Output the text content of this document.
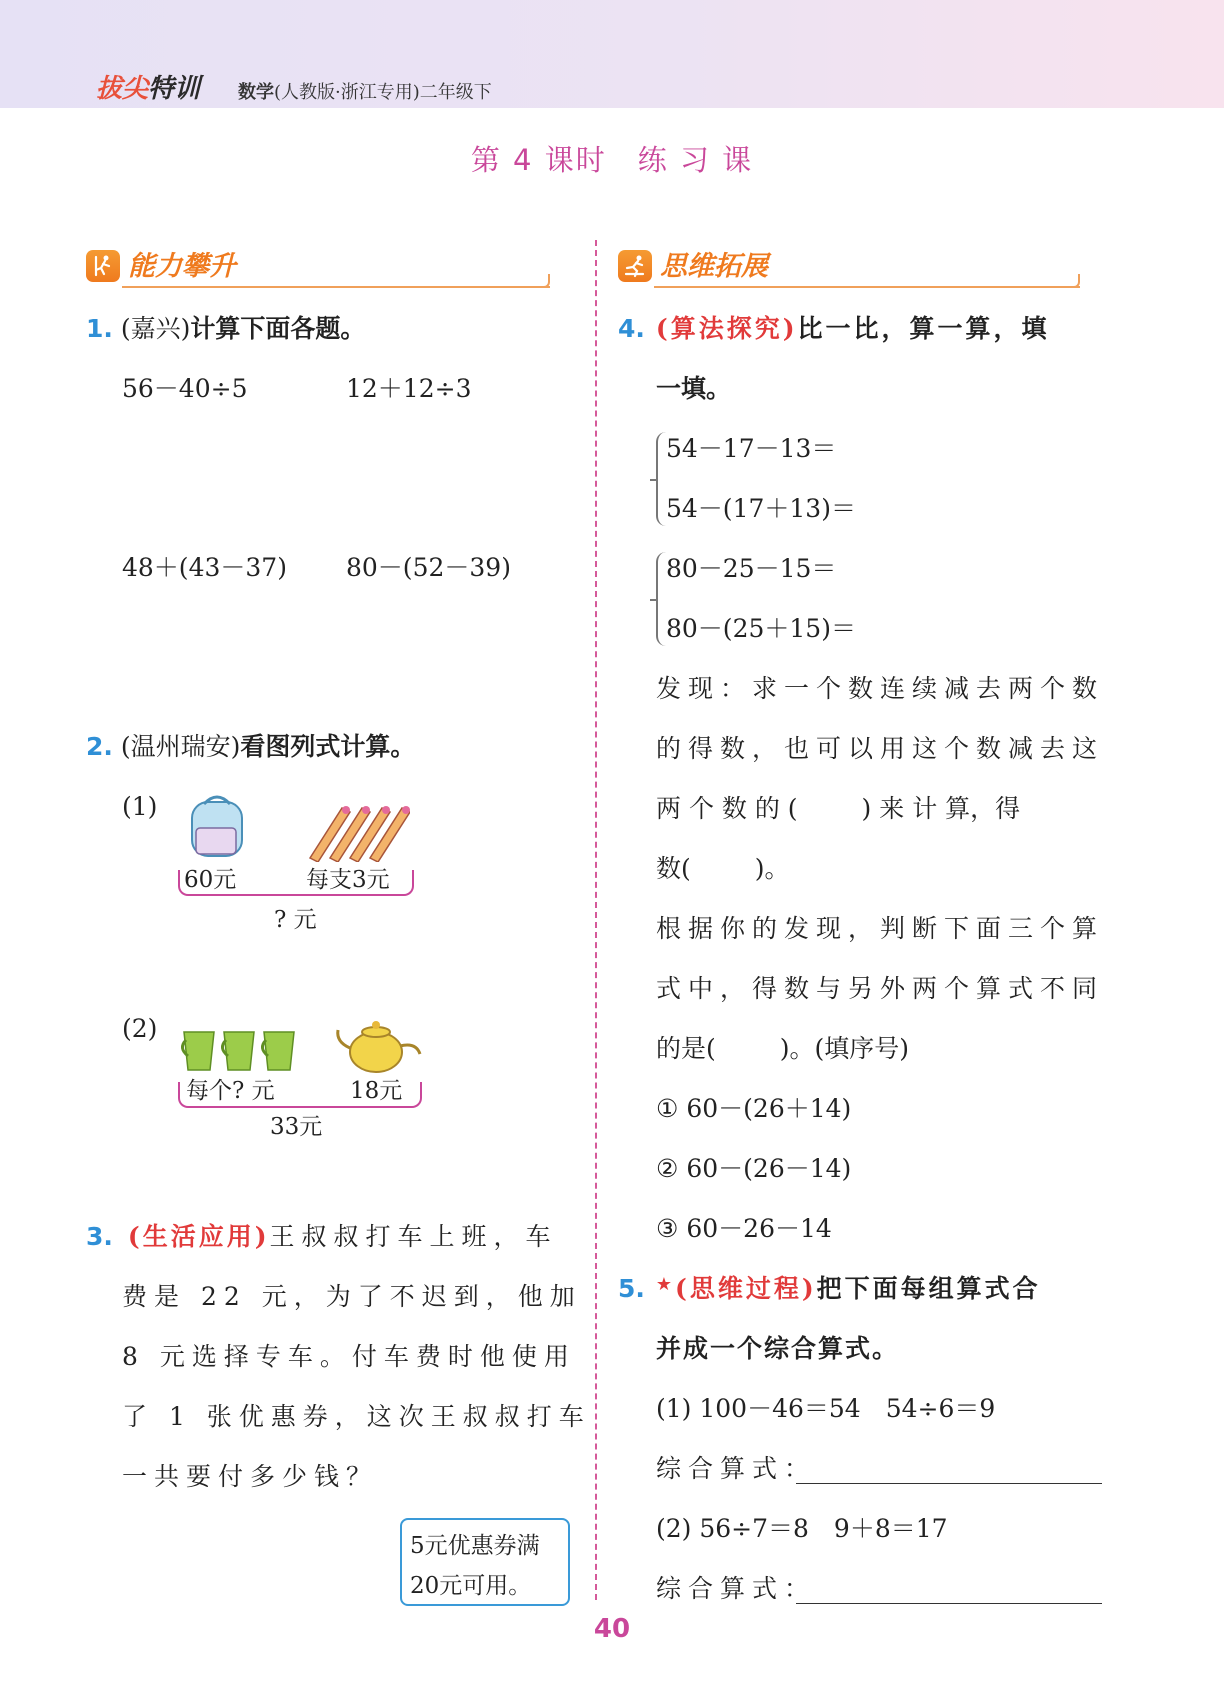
拔尖特训 数学(人教版·浙江专用)二年级下
第 4 课时　练 习 课
能力攀升	思维拓展
1. (嘉兴)计算下面各题。
56－40÷5	12＋12÷3
48＋(43－37) 80－(52－39)
2. (温州瑞安)看图列式计算。
(1)
60元	每支3元
? 元
(2)
每个? 元	18元
33元
3. (生活应用)王叔叔打车上班，车
费是 22 元，为了不迟到，他加
8 元选择专车。付车费时他使用
了 1 张优惠券，这次王叔叔打车
一共要付多少钱？
5元优惠券满
20元可用。
4. (算法探究)比一比，算一算，填
一填。
54－17－13＝
54－(17＋13)＝
80－25－15＝
80－(25＋15)＝
发现：求一个数连续减去两个数
的得数，也可以用这个数减去这
两 个 数 的 (	) 来 计 算，得
数(	)。
根据你的发现，判断下面三个算
式中，得数与另外两个算式不同
的是(	)。(填序号)
① 60－(26＋14)
② 60－(26－14)
③ 60－26－14
5. ★(思维过程)把下面每组算式合
并成一个综合算式。
(1) 100－46＝54　54÷6＝9
综合算式：
(2) 56÷7＝8　9＋8＝17
综合算式：
40
